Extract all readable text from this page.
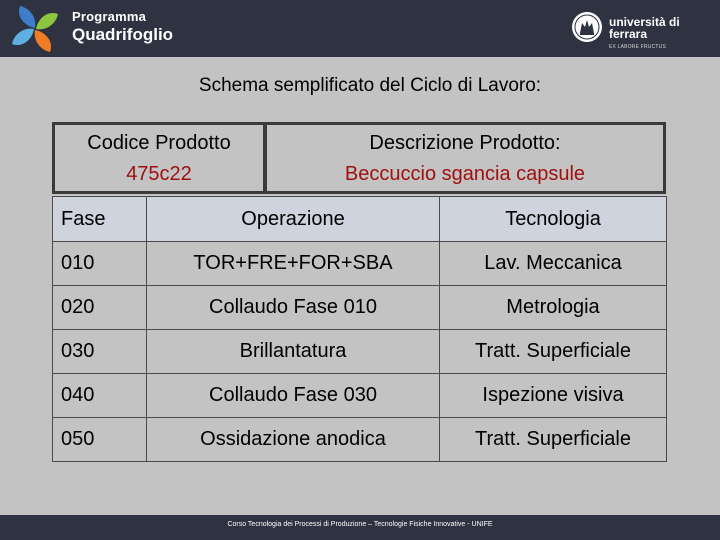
Programma
Quadrifoglio
università di ferrara
EX LABORE FRUCTUS
Schema semplificato del Ciclo di Lavoro:
Codice Prodotto
475c22
Descrizione Prodotto:
Beccuccio sgancia capsule
Fase	Operazione	Tecnologia
010	TOR+FRE+FOR+SBA	Lav. Meccanica
020	Collaudo Fase 010	Metrologia
030	Brillantatura	Tratt. Superficiale
040	Collaudo Fase 030	Ispezione visiva
050	Ossidazione anodica	Tratt. Superficiale
Corso Tecnologia dei Processi di Produzione – Tecnologie Fisiche Innovative - UNIFE
